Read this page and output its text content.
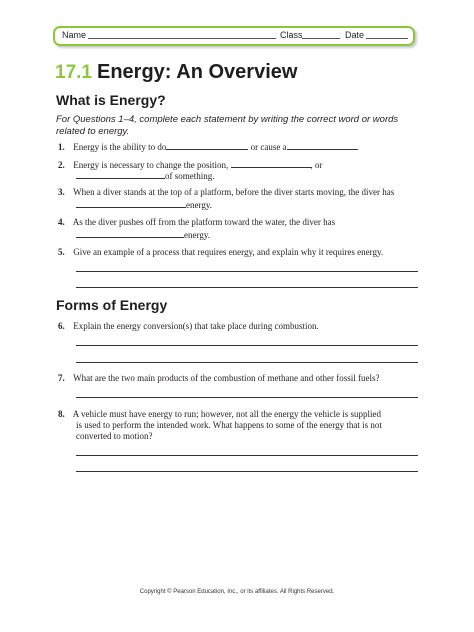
Name	Class	Date
17.1 Energy: An Overview
What is Energy?
For Questions 1–4, complete each statement by writing the correct word or words related to energy.
1. Energy is the ability to do	or cause a	.
2. Energy is necessary to change the position,	, or
of something.
3. When a diver stands at the top of a platform, before the diver starts moving, the diver has
energy.
4. As the diver pushes off from the platform toward the water, the diver has
energy.
5. Give an example of a process that requires energy, and explain why it requires energy.
Forms of Energy
6. Explain the energy conversion(s) that take place during combustion.
7. What are the two main products of the combustion of methane and other fossil fuels?
8. A vehicle must have energy to run; however, not all the energy the vehicle is supplied
is used to perform the intended work. What happens to some of the energy that is not
converted to motion?
Copyright © Pearson Education, Inc., or its affiliates. All Rights Reserved.
